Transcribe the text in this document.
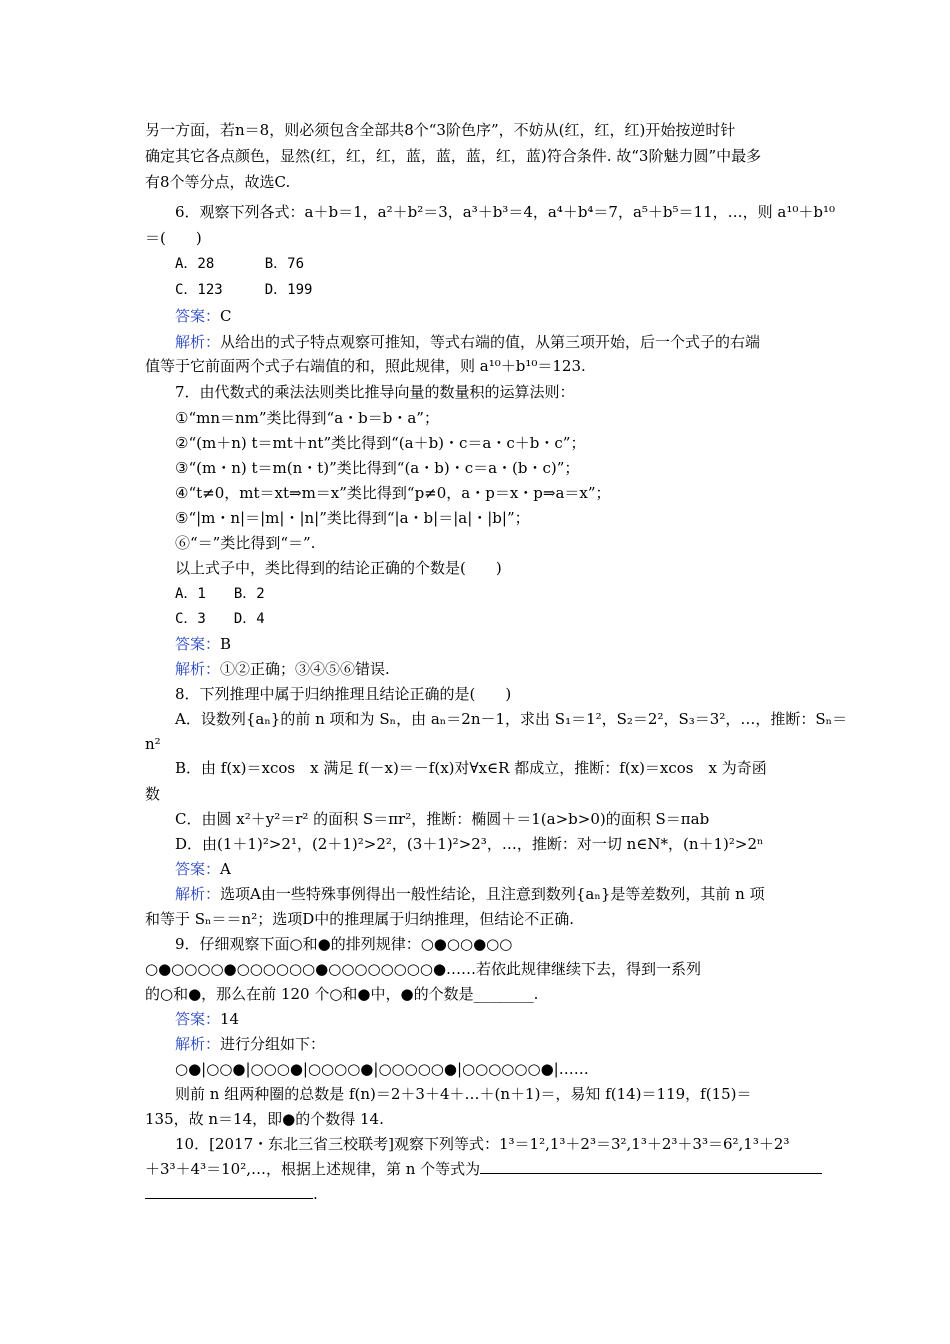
另一方面，若n＝8，则必须包含全部共8个“3阶色序”，不妨从(红，红，红)开始按逆时针
确定其它各点颜色，显然(红，红，红，蓝，蓝，蓝，红，蓝)符合条件. 故“3阶魅力圆”中最多
有8个等分点，故选C.
6．观察下列各式：a＋b＝1，a²＋b²＝3，a³＋b³＝4，a⁴＋b⁴＝7，a⁵＋b⁵＝11，…，则 a¹⁰＋b¹⁰
＝(　　)
A．28　　　 B．76
C．123　　　D．199
答案：C
解析：从给出的式子特点观察可推知，等式右端的值，从第三项开始，后一个式子的右端
值等于它前面两个式子右端值的和，照此规律，则 a¹⁰＋b¹⁰＝123.
7．由代数式的乘法法则类比推导向量的数量积的运算法则：
①“mn＝nm”类比得到“a・b＝b・a”；
②“(m＋n) t＝mt＋nt”类比得到“(a＋b)・c＝a・c＋b・c”；
③“(m・n) t＝m(n・t)”类比得到“(a・b)・c＝a・(b・c)”；
④“t≠0，mt＝xt⇒m＝x”类比得到“p≠0，a・p＝x・p⇒a＝x”；
⑤“|m・n|＝|m|・|n|”类比得到“|a・b|＝|a|・|b|”；
⑥“＝”类比得到“＝”.
以上式子中，类比得到的结论正确的个数是(　　)
A．1　　B．2
C．3　　D．4
答案：B
解析：①②正确；③④⑤⑥错误.
8．下列推理中属于归纳推理且结论正确的是(　　)
A．设数列{aₙ}的前 n 项和为 Sₙ，由 aₙ＝2n－1，求出 S₁＝1²，S₂＝2²，S₃＝3²，…，推断：Sₙ＝
n²
B．由 f(x)＝xcos　x 满足 f(－x)＝－f(x)对∀x∈R 都成立，推断：f(x)＝xcos　x 为奇函
数
C．由圆 x²＋y²＝r² 的面积 S＝πr²，推断：椭圆＋＝1(a>b>0)的面积 S＝πab
D．由(1＋1)²>2¹，(2＋1)²>2²，(3＋1)²>2³，…，推断：对一切 n∈N*，(n＋1)²>2ⁿ
答案：A
解析：选项A由一些特殊事例得出一般性结论，且注意到数列{aₙ}是等差数列，其前 n 项
和等于 Sₙ＝＝n²；选项D中的推理属于归纳推理，但结论不正确.
9．仔细观察下面○和●的排列规律：○●○○●○○
○●○○○○●○○○○○○●○○○○○○○○●……若依此规律继续下去，得到一系列
的○和●，那么在前 120 个○和●中，●的个数是________.
答案：14
解析：进行分组如下：
○●|○○●|○○○●|○○○○●|○○○○○●|○○○○○○●|……
则前 n 组两种圈的总数是 f(n)＝2＋3＋4＋…＋(n＋1)＝，易知 f(14)＝119，f(15)＝
135，故 n＝14，即●的个数得 14.
10．[2017・东北三省三校联考]观察下列等式：1³＝1²,1³＋2³＝3²,1³＋2³＋3³＝6²,1³＋2³
＋3³＋4³＝10²,…，根据上述规律，第 n 个等式为
.
